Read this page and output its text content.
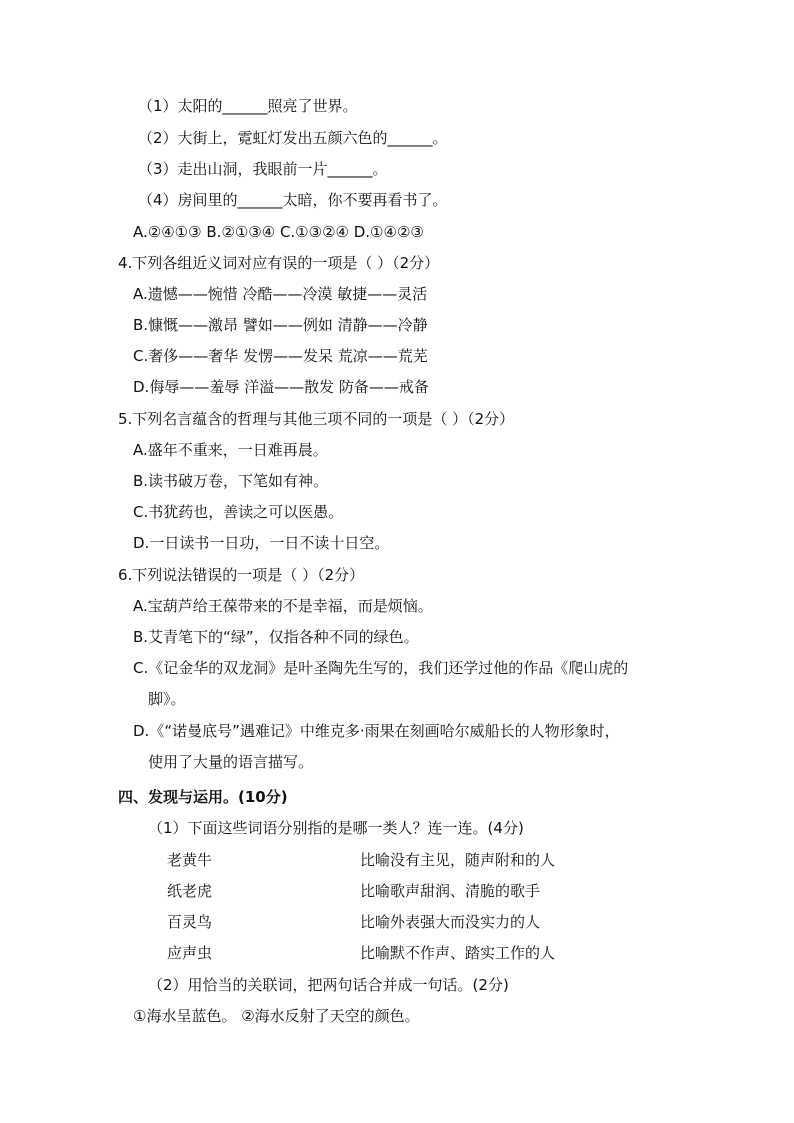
（1）太阳的______照亮了世界。
（2）大街上，霓虹灯发出五颜六色的______。
（3）走出山洞，我眼前一片______。
（4）房间里的______太暗，你不要再看书了。
A.②④①③ B.②①③④ C.①③②④ D.①④②③
4.下列各组近义词对应有误的一项是（ ）（2分）
A.遗憾——惋惜 冷酷——冷漠 敏捷——灵活
B.慷慨——激昂 譬如——例如 清静——冷静
C.奢侈——奢华 发愣——发呆 荒凉——荒芜
D.侮辱——羞辱 洋溢——散发 防备——戒备
5.下列名言蕴含的哲理与其他三项不同的一项是（ ）（2分）
A.盛年不重来，一日难再晨。
B.读书破万卷，下笔如有神。
C.书犹药也，善读之可以医愚。
D.一日读书一日功，一日不读十日空。
6.下列说法错误的一项是（ ）（2分）
A.宝葫芦给王葆带来的不是幸福，而是烦恼。
B.艾青笔下的“绿”，仅指各种不同的绿色。
C.《记金华的双龙洞》是叶圣陶先生写的，我们还学过他的作品《爬山虎的
脚》。
D.《“诺曼底号”遇难记》中维克多·雨果在刻画哈尔威船长的人物形象时，
使用了大量的语言描写。
四、发现与运用。(10分)
（1）下面这些词语分别指的是哪一类人？连一连。(4分)
老黄牛	比喻没有主见，随声附和的人
纸老虎	比喻歌声甜润、清脆的歌手
百灵鸟	比喻外表强大而没实力的人
应声虫	比喻默不作声、踏实工作的人
（2）用恰当的关联词，把两句话合并成一句话。(2分)
①海水呈蓝色。 ②海水反射了天空的颜色。
